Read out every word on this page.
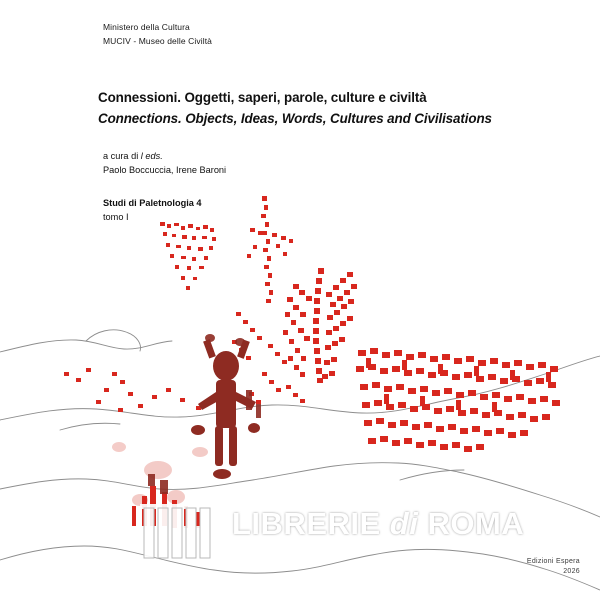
Ministero della Cultura
MUCIV - Museo delle Civiltà
Connessioni. Oggetti, saperi, parole, culture e civiltà
Connections. Objects, Ideas, Words, Cultures and Civilisations
a cura di l eds.
Paolo Boccuccia, Irene Baroni
Studi di Paletnologia 4
tomo I
Edizioni Espera
2026
LIBRERIE di ROMA
